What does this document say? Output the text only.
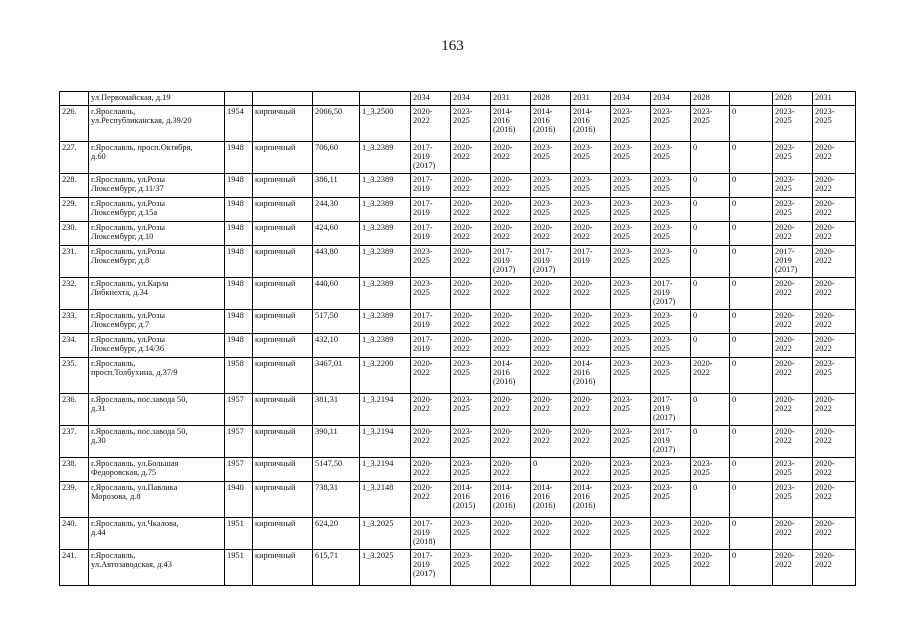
163
	ул.Первомайская, д.19					2034	2034	2031	2028	2031	2034	2034	2028		2028	2031
226.	г.Ярославль,
ул.Республиканская, д.39/20	1954	кирпичный	2066,50	1_3.2500	2020-
2022	2023-
2025	2014-
2016
(2016)	2014-
2016
(2016)	2014-
2016
(2016)	2023-
2025	2023-
2025	2023-
2025	0	2023-
2025	2023-
2025
227.	г.Ярославль, просп.Октября,
д.60	1948	кирпичный	706,60	1_3.2389	2017-
2019
(2017)	2020-
2022	2020-
2022	2023-
2025	2023-
2025	2023-
2025	2023-
2025	0	0	2023-
2025	2020-
2022
228.	г.Ярославль, ул.Розы
Люксембург, д.11/37	1948	кирпичный	386,11	1_3.2389	2017-
2019	2020-
2022	2020-
2022	2023-
2025	2023-
2025	2023-
2025	2023-
2025	0	0	2023-
2025	2020-
2022
229.	г.Ярославль, ул.Розы
Люксембург, д.15а	1948	кирпичный	244,30	1_3.2389	2017-
2019	2020-
2022	2020-
2022	2023-
2025	2023-
2025	2023-
2025	2023-
2025	0	0	2023-
2025	2020-
2022
230.	г.Ярославль, ул.Розы
Люксембург, д.10	1948	кирпичный	424,60	1_3.2389	2017-
2019	2020-
2022	2020-
2022	2020-
2022	2020-
2022	2023-
2025	2023-
2025	0	0	2020-
2022	2020-
2022
231.	г.Ярославль, ул.Розы
Люксембург, д.8	1948	кирпичный	443,80	1_3.2389	2023-
2025	2020-
2022	2017-
2019
(2017)	2017-
2019
(2017)	2017-
2019	2023-
2025	2023-
2025	0	0	2017-
2019
(2017)	2020-
2022
232.	г.Ярославль, ул.Карла
Либкнехта, д.34	1948	кирпичный	440,60	1_3.2389	2023-
2025	2020-
2022	2020-
2022	2020-
2022	2020-
2022	2023-
2025	2017-
2019
(2017)	0	0	2020-
2022	2020-
2022
233.	г.Ярославль, ул.Розы
Люксембург, д.7	1948	кирпичный	517,50	1_3.2389	2017-
2019	2020-
2022	2020-
2022	2020-
2022	2020-
2022	2023-
2025	2023-
2025	0	0	2020-
2022	2020-
2022
234.	г.Ярославль, ул.Розы
Люксембург, д.14/36	1948	кирпичный	432,10	1_3.2389	2017-
2019	2020-
2022	2020-
2022	2020-
2022	2020-
2022	2023-
2025	2023-
2025	0	0	2020-
2022	2020-
2022
235.	г.Ярославль,
просп.Толбухина, д.37/9	1958	кирпичный	3467,01	1_3.2200	2020-
2022	2023-
2025	2014-
2016
(2016)	2020-
2022	2014-
2016
(2016)	2023-
2025	2023-
2025	2020-
2022	0	2020-
2022	2023-
2025
236.	г.Ярославль, пос.завода 50,
д.31	1957	кирпичный	381,31	1_3.2194	2020-
2022	2023-
2025	2020-
2022	2020-
2022	2020-
2022	2023-
2025	2017-
2019
(2017)	0	0	2020-
2022	2020-
2022
237.	г.Ярославль, пос.завода 50,
д.30	1957	кирпичный	390,11	1_3.2194	2020-
2022	2023-
2025	2020-
2022	2020-
2022	2020-
2022	2023-
2025	2017-
2019
(2017)	0	0	2020-
2022	2020-
2022
238.	г.Ярославль, ул.Большая
Федоровская, д.75	1957	кирпичный	5147,50	1_3.2194	2020-
2022	2023-
2025	2020-
2022	0	2020-
2022	2023-
2025	2023-
2025	2023-
2025	0	2023-
2025	2020-
2022
239.	г.Ярославль, ул.Павлика
Морозова, д.8	1940	кирпичный	738,31	1_3.2148	2020-
2022	2014-
2016
(2015)	2014-
2016
(2016)	2014-
2016
(2016)	2014-
2016
(2016)	2023-
2025	2023-
2025	0	0	2023-
2025	2020-
2022
240.	г.Ярославль, ул.Чкалова,
д.44	1951	кирпичный	624,20	1_3.2025	2017-
2019
(2018)	2023-
2025	2020-
2022	2020-
2022	2020-
2022	2023-
2025	2023-
2025	2020-
2022	0	2020-
2022	2020-
2022
241.	г.Ярославль,
ул.Автозаводская, д.43	1951	кирпичный	615,71	1_3.2025	2017-
2019
(2017)	2023-
2025	2020-
2022	2020-
2022	2020-
2022	2023-
2025	2023-
2025	2020-
2022	0	2020-
2022	2020-
2022
